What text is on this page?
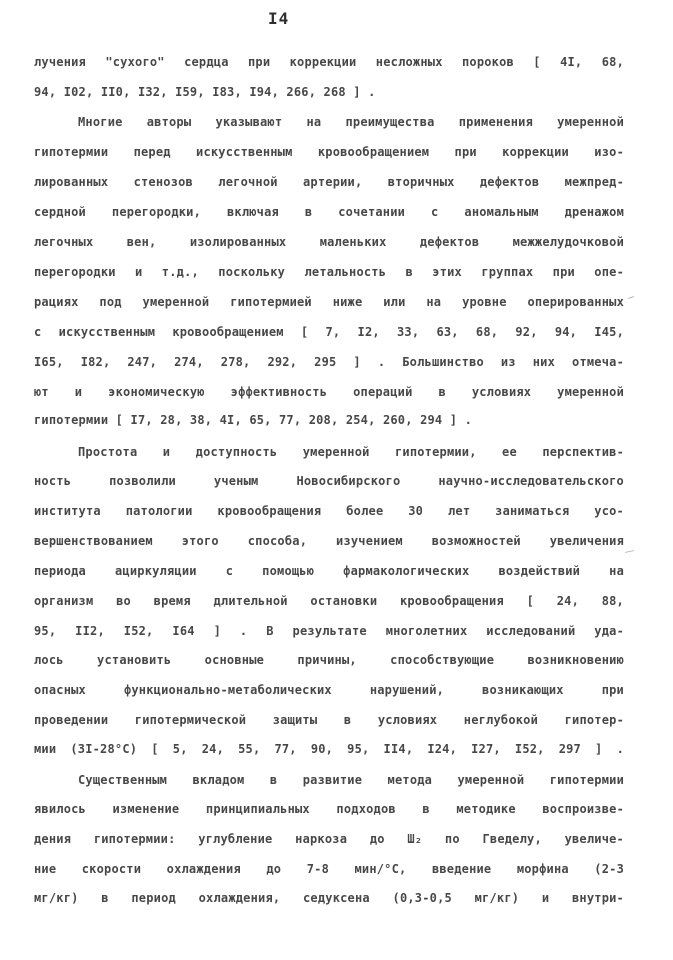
I4
лучения "сухого" сердца при коррекции несложных пороков [ 4I, 68,
94, I02, II0, I32, I59, I83, I94, 266, 268 ] .
Многие авторы указывают на преимущества применения умеренной
гипотермии перед искусственным кровообращением при коррекции изо-
лированных стенозов легочной артерии, вторичных дефектов межпред-
сердной перегородки, включая в сочетании с аномальным дренажом
легочных вен, изолированных маленьких дефектов межжелудочковой
перегородки и т.д., поскольку летальность в этих группах при опе-
рациях под умеренной гипотермией ниже или на уровне оперированных
с искусственным кровообращением [ 7, I2, 33, 63, 68, 92, 94, I45,
I65, I82, 247, 274, 278, 292, 295 ] . Большинство из них отмеча-
ют и экономическую эффективность операций в условиях умеренной
гипотермии [ I7, 28, 38, 4I, 65, 77, 208, 254, 260, 294 ] .
Простота и доступность умеренной гипотермии, ее перспектив-
ность позволили ученым Новосибирского научно-исследовательского
института патологии кровообращения более 30 лет заниматься усо-
вершенствованием этого способа, изучением возможностей увеличения
периода ациркуляции с помощью фармакологических воздействий на
организм во время длительной остановки кровообращения [ 24, 88,
95, II2, I52, I64 ] . В результате многолетних исследований уда-
лось установить основные причины, способствующие возникновению
опасных функционально-метаболических нарушений, возникающих при
проведении гипотермической защиты в условиях неглубокой гипотер-
мии (3I-28°С) [ 5, 24, 55, 77, 90, 95, II4, I24, I27, I52, 297 ] .
Существенным вкладом в развитие метода умеренной гипотермии
явилось изменение принципиальных подходов в методике воспроизве-
дения гипотермии: углубление наркоза до Ш₂ по Гведелу, увеличе-
ние скорости охлаждения до 7-8 мин/°С, введение морфина (2-3
мг/кг) в период охлаждения, седуксена (0,3-0,5 мг/кг) и внутри-
